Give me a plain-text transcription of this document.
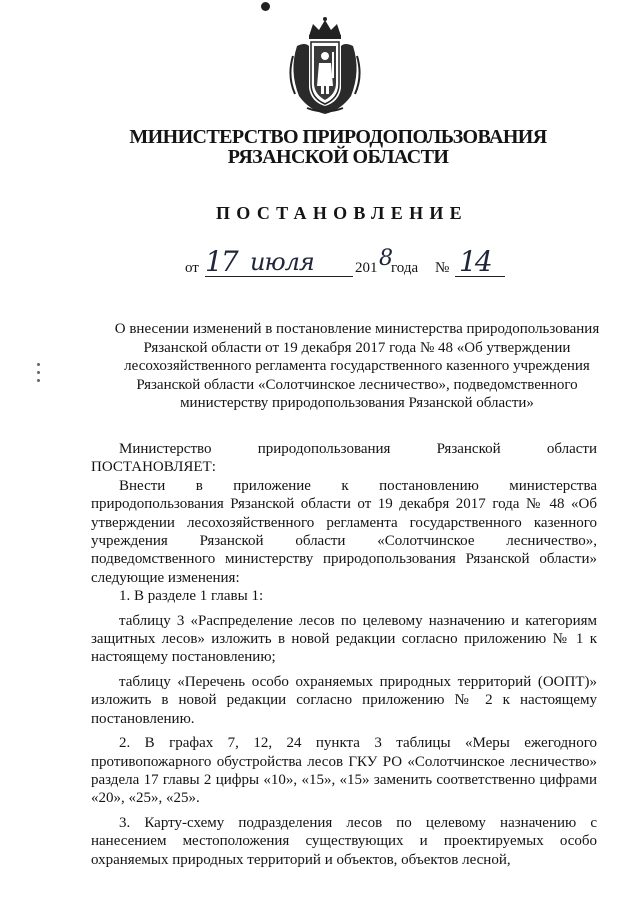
МИНИСТЕРСТВО ПРИРОДОПОЛЬЗОВАНИЯ

РЯЗАНСКОЙ ОБЛАСТИ

ПОСТАНОВЛЕНИЕ

от 17 июля	201 8
года № 14

О внесении изменений в постановление министерства природопользования Рязанской области от 19 декабря 2017 года № 48 «Об утверждении лесохозяйственного регламента государственного казенного учреждения Рязанской области «Солотчинское лесничество», подведомственного министерству природопользования Рязанской области»

Министерство природопользования Рязанской области

ПОСТАНОВЛЯЕТ:

Внести в приложение к постановлению министерства природопользования Рязанской области от 19 декабря 2017 года № 48 «Об утверждении лесохозяйственного регламента государственного казенного учреждения Рязанской области «Солотчинское лесничество», подведомственного министерству природопользования Рязанской области» следующие изменения:

1. В разделе 1 главы 1:

таблицу 3 «Распределение лесов по целевому назначению и категориям защитных лесов» изложить в новой редакции согласно приложению № 1 к настоящему постановлению;

таблицу «Перечень особо охраняемых природных территорий (ООПТ)» изложить в новой редакции согласно приложению № 2 к настоящему постановлению.

2. В графах 7, 12, 24 пункта 3 таблицы «Меры ежегодного противопожарного обустройства лесов ГКУ РО «Солотчинское лесничество» раздела 17 главы 2 цифры «10», «15», «15» заменить соответственно цифрами «20», «25», «25».

3. Карту-схему подразделения лесов по целевому назначению с нанесением местоположения существующих и проектируемых особо охраняемых природных территорий и объектов, объектов лесной,
